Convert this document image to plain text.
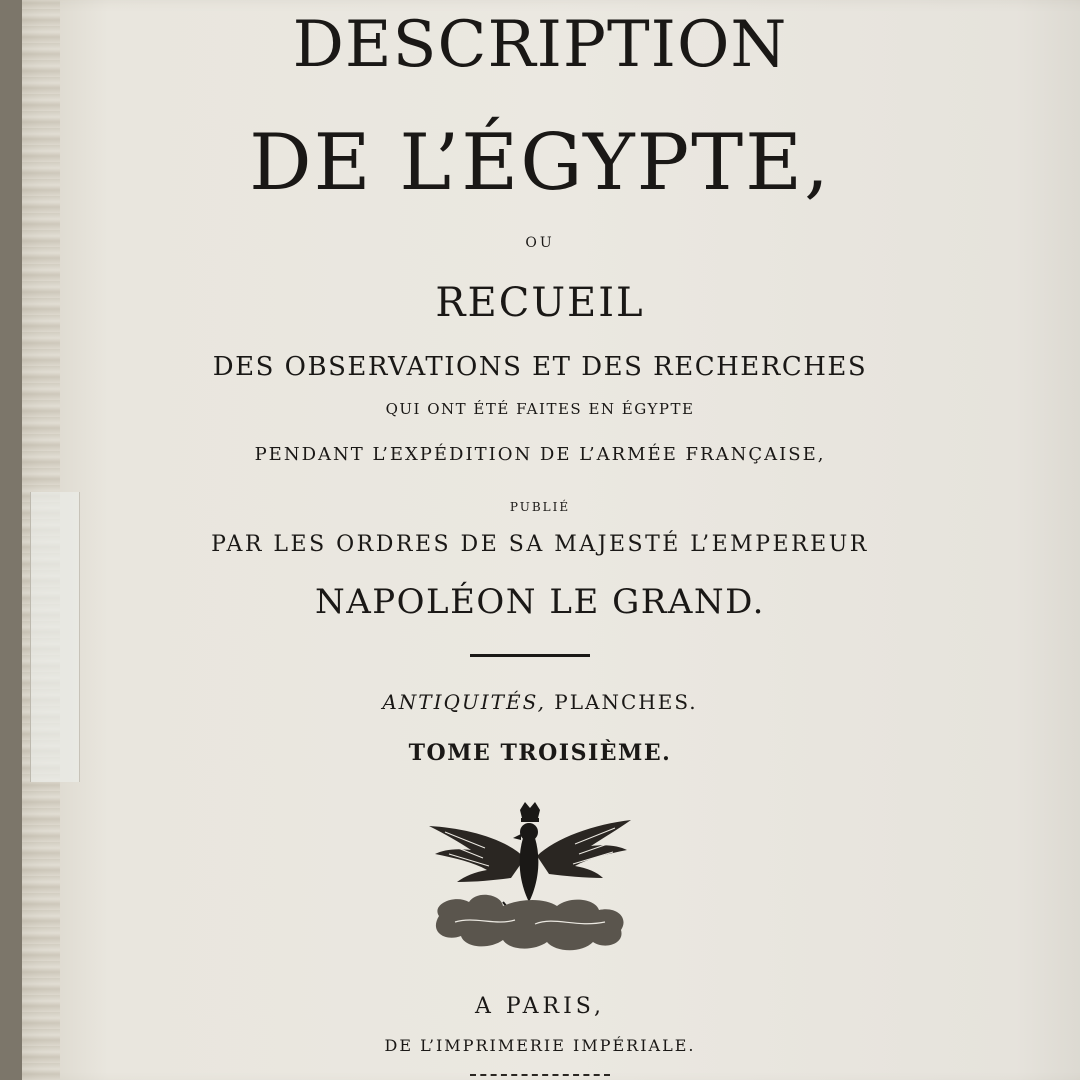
DESCRIPTION

DE L’ÉGYPTE,

ou

RECUEIL

DES OBSERVATIONS ET DES RECHERCHES

QUI ONT ÉTÉ FAITES EN ÉGYPTE

PENDANT L’EXPÉDITION DE L’ARMÉE FRANÇAISE,

PUBLIÉ

PAR LES ORDRES DE SA MAJESTÉ L’EMPEREUR

NAPOLÉON LE GRAND.

ANTIQUITÉS, PLANCHES.

TOME TROISIÈME.

A PARIS,

DE L’IMPRIMERIE IMPÉRIALE.
